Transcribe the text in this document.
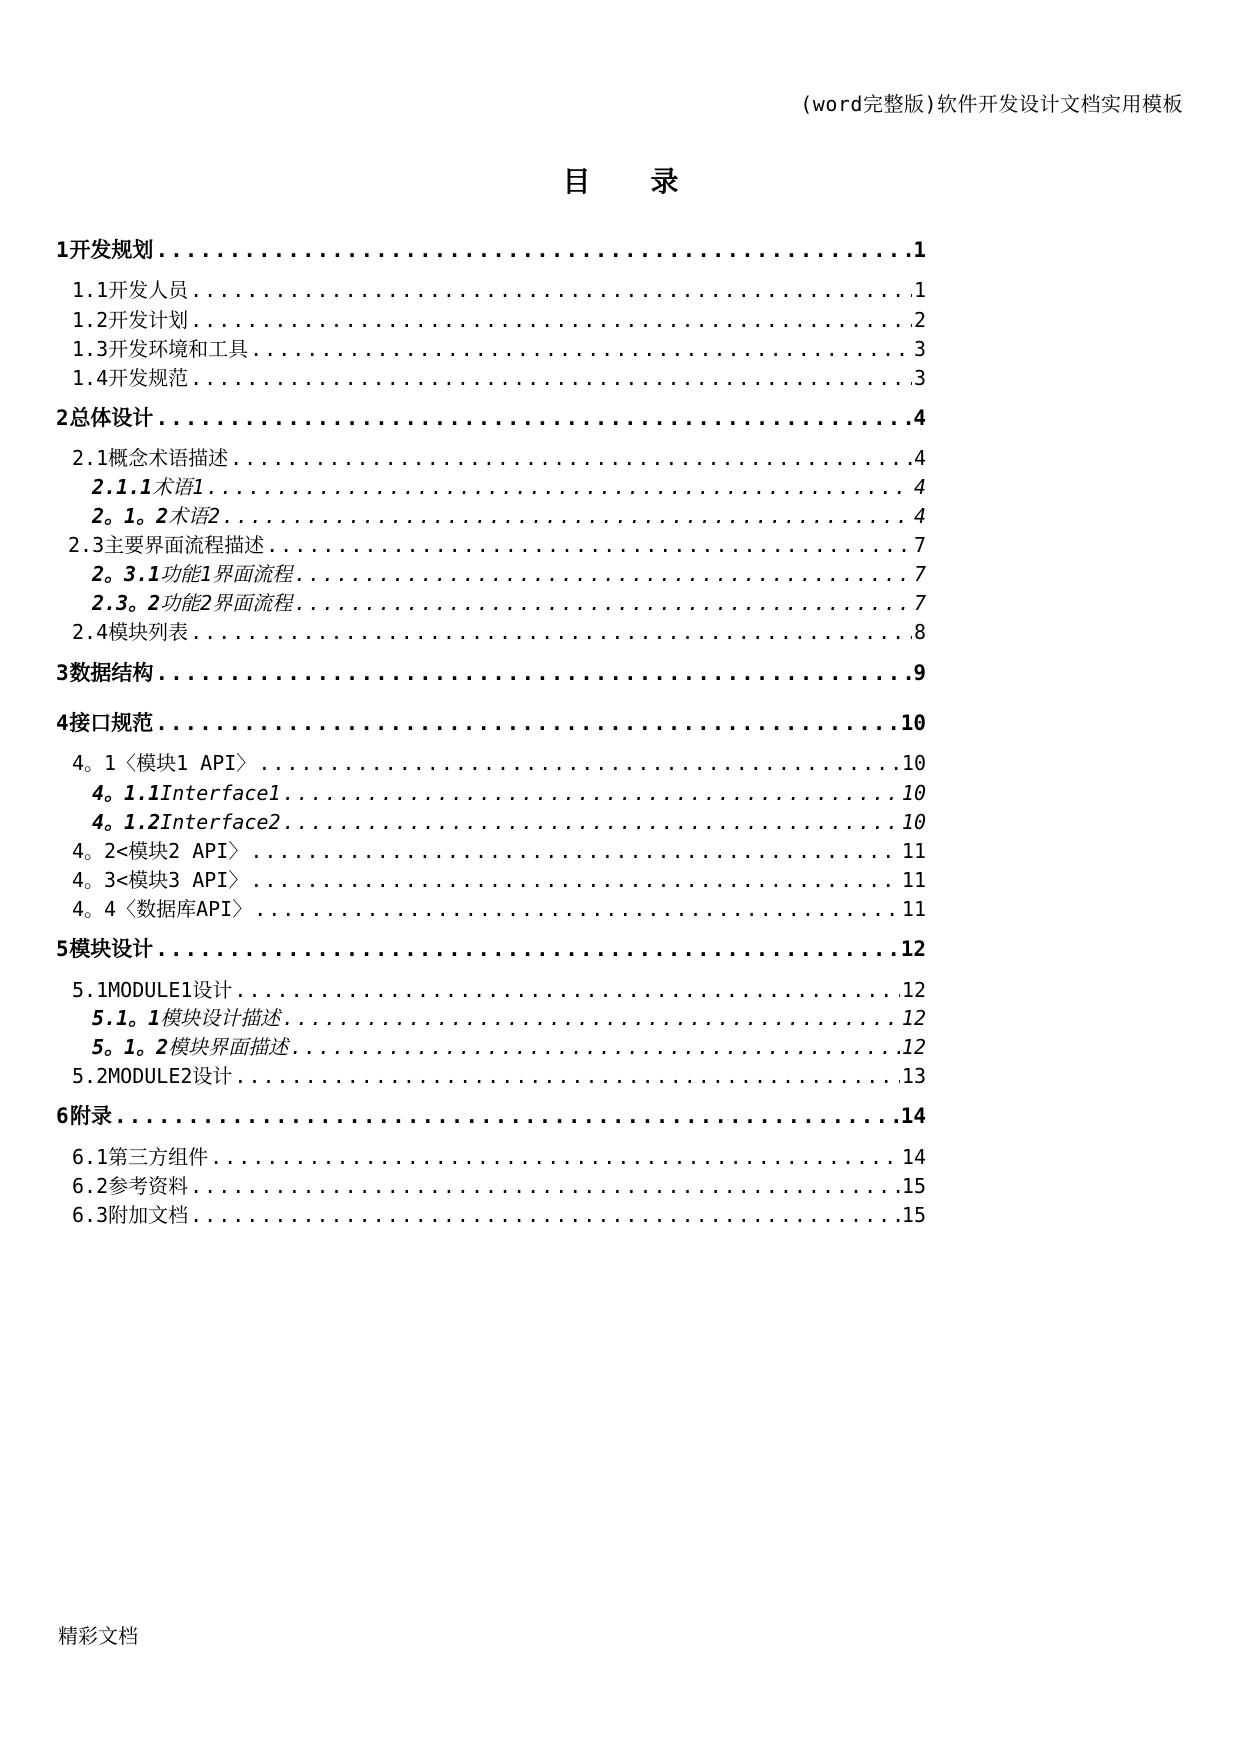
(word完整版)软件开发设计文档实用模板
目 录
1 开发规划 .....	1
1.1 开发人员 .....	1
1.2 开发计划 .....	2
1.3 开发环境和工具 .....	3
1.4 开发规范 .....	3
2 总体设计 .....	4
2.1 概念术语描述 .....	4
2.1.1 术语1 .....	4
2。1。2 术语2 .....	4
2.3 主要界面流程描述 .....	7
2。3.1 功能1界面流程 .....	7
2.3。2 功能2界面流程 .....	7
2.4 模块列表 .....	8
3 数据结构 .....	9
4 接口规范 .....	10
4。1 〈模块1 API〉 .....	10
4。1.1 Interface1 .....	10
4。1.2 Interface2 .....	10
4。2 <模块2 API〉 .....	11
4。3 <模块3 API〉 .....	11
4。4 〈数据库API〉 .....	11
5 模块设计 .....	12
5.1 MODULE1设计 .....	12
5.1。1 模块设计描述 .....	12
5。1。2 模块界面描述 .....	12
5.2 MODULE2设计 .....	13
6 附录 .....	14
6.1 第三方组件 .....	14
6.2 参考资料 .....	15
6.3 附加文档 .....	15
精彩文档
